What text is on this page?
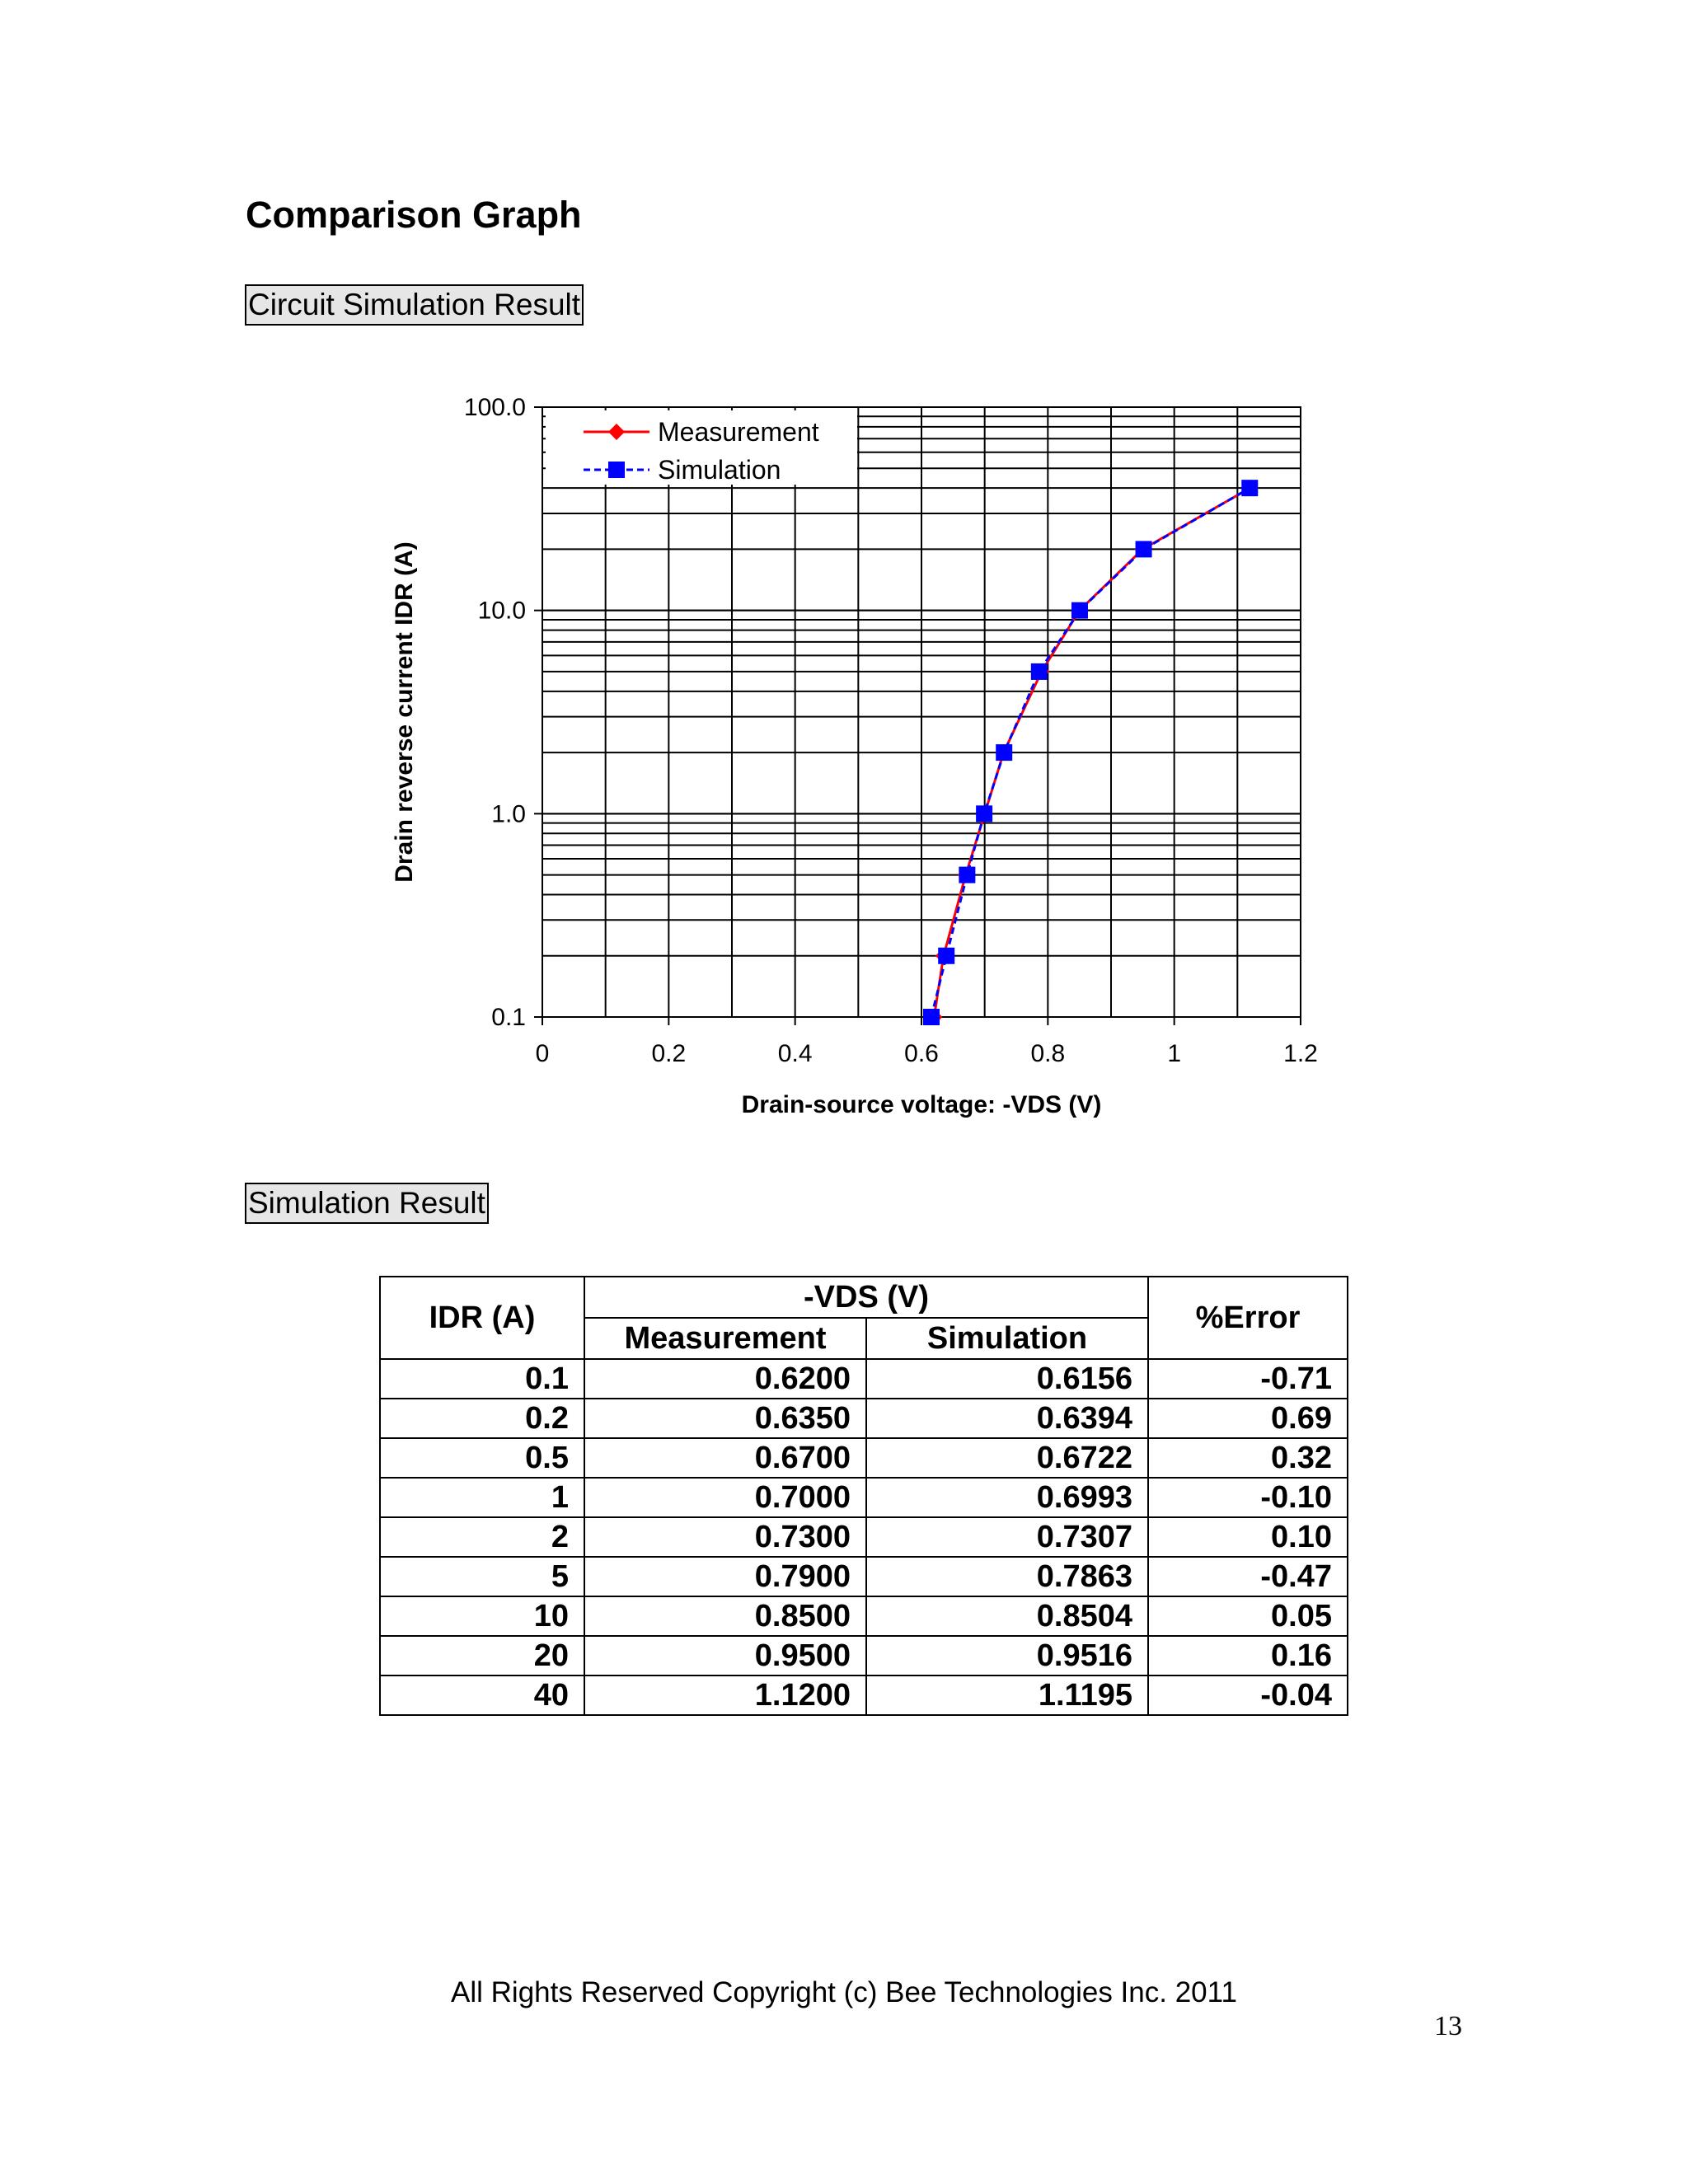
Comparison Graph
Circuit Simulation Result
0	0.2	0.4	0.6	0.8	1	1.2
0.1
1.0
10.0
100.0
Measurement
Simulation
Drain-source voltage: -VDS (V)
Drain reverse current IDR (A)
Simulation Result
IDR (A)	-VDS (V)		%Error
	Measurement	Simulation	
0.1	0.6200	0.6156	-0.71
0.2	0.6350	0.6394	0.69
0.5	0.6700	0.6722	0.32
1	0.7000	0.6993	-0.10
2	0.7300	0.7307	0.10
5	0.7900	0.7863	-0.47
10	0.8500	0.8504	0.05
20	0.9500	0.9516	0.16
40	1.1200	1.1195	-0.04
All Rights Reserved Copyright (c) Bee Technologies Inc. 2011
13
